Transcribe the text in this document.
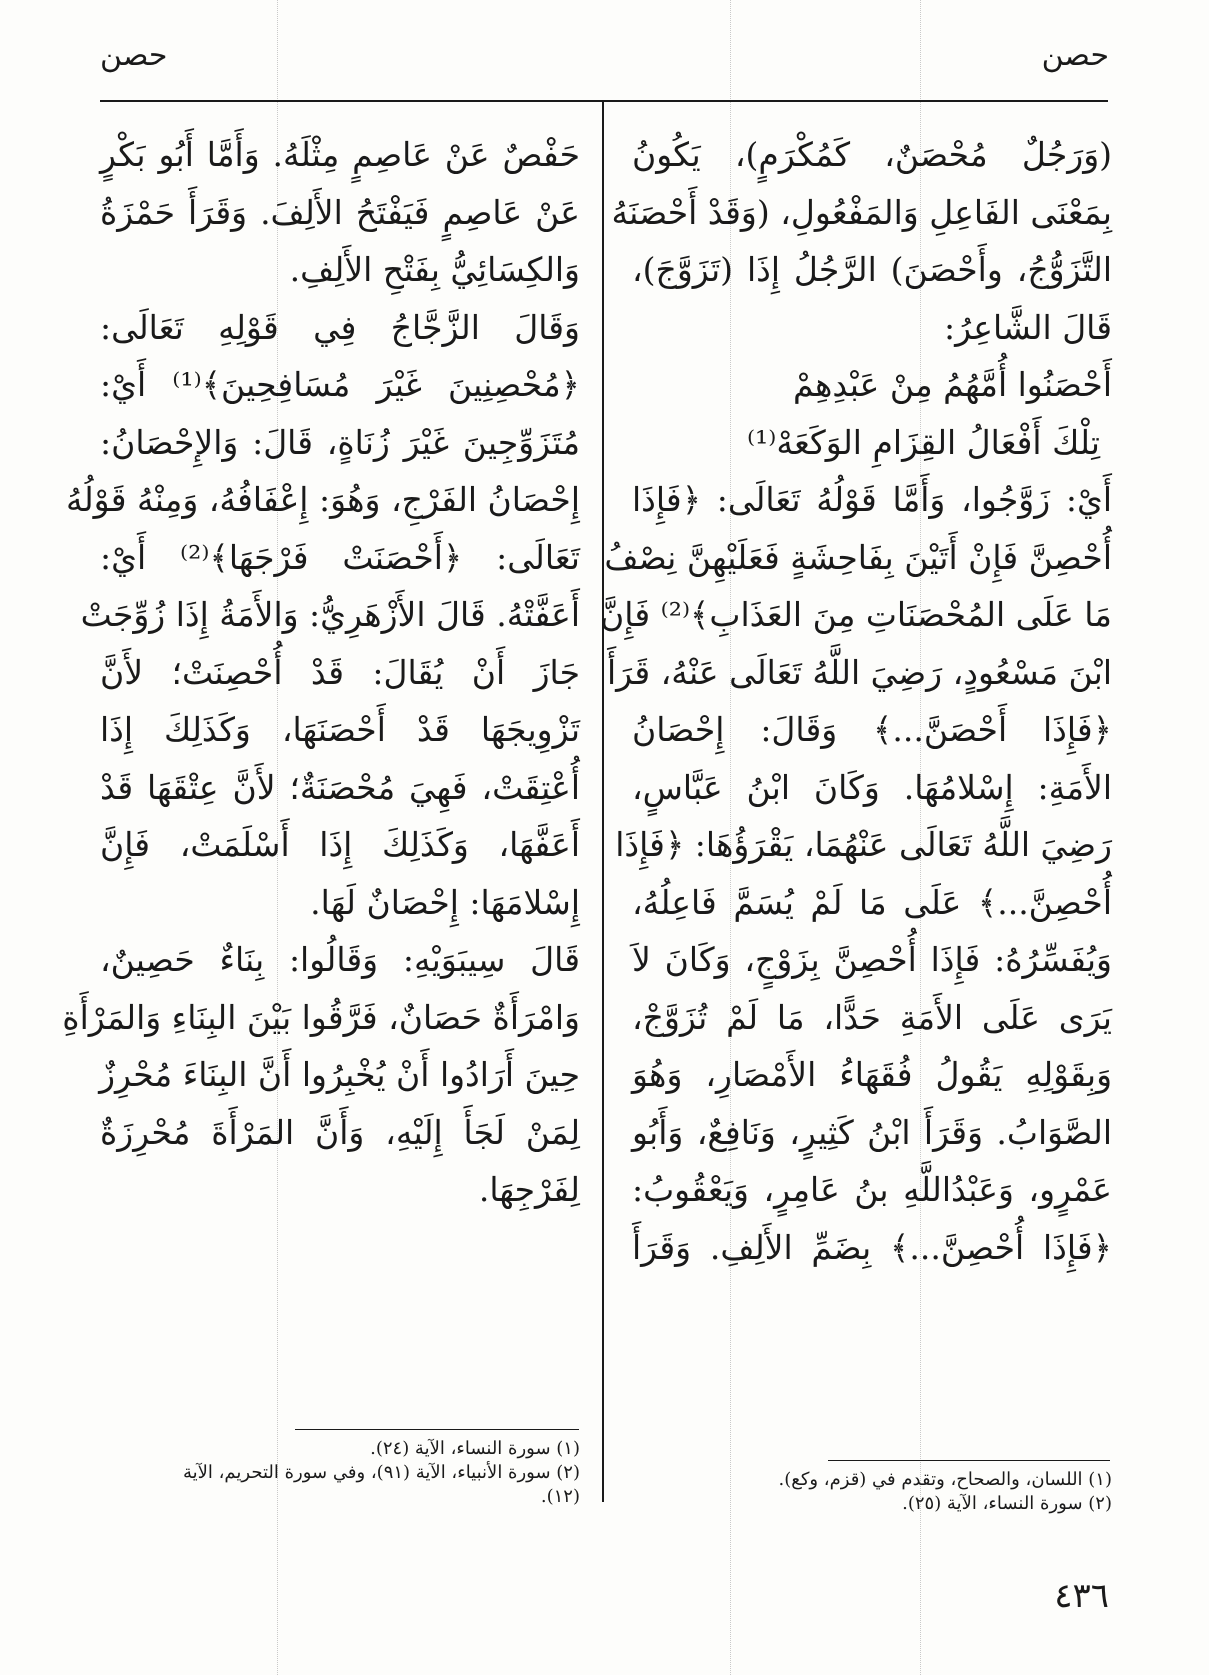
حصن
حصن
(وَرَجُلٌ مُحْصَنٌ، كَمُكْرَمٍ)، يَكُونُ
بِمَعْنَى الفَاعِلِ وَالمَفْعُولِ، (وَقَدْ أَحْصَنَهُ
التَّزَوُّجُ، وأَحْصَنَ) الرَّجُلُ إِذَا (تَزَوَّجَ)،
قَالَ الشَّاعِرُ:
أَحْصَنُوا أُمَّهُمُ مِنْ عَبْدِهِمْ
تِلْكَ أَفْعَالُ القِزَامِ الوَكَعَهْ⁽¹⁾
أَيْ: زَوَّجُوا، وَأَمَّا قَوْلُهُ تَعَالَى: ﴿فَإِذَا
أُحْصِنَّ فَإِنْ أَتَيْنَ بِفَاحِشَةٍ فَعَلَيْهِنَّ نِصْفُ
مَا عَلَى المُحْصَنَاتِ مِنَ العَذَابِ﴾⁽²⁾ فَإِنَّ
ابْنَ مَسْعُودٍ، رَضِيَ اللَّهُ تَعَالَى عَنْهُ، قَرَأَ
﴿فَإِذَا أَحْصَنَّ...﴾ وَقَالَ: إِحْصَانُ
الأَمَةِ: إِسْلامُهَا. وَكَانَ ابْنُ عَبَّاسٍ،
رَضِيَ اللَّهُ تَعَالَى عَنْهُمَا، يَقْرَؤُهَا: ﴿فَإِذَا
أُحْصِنَّ...﴾ عَلَى مَا لَمْ يُسَمَّ فَاعِلُهُ،
وَيُفَسِّرُهُ: فَإِذَا أُحْصِنَّ بِزَوْجٍ، وَكَانَ لاَ
يَرَى عَلَى الأَمَةِ حَدًّا، مَا لَمْ تُزَوَّجْ،
وَبِقَوْلِهِ يَقُولُ فُقَهَاءُ الأَمْصَارِ، وَهُوَ
الصَّوَابُ. وَقَرَأَ ابْنُ كَثِيرٍ، وَنَافِعٌ، وَأَبُو
عَمْرٍو، وَعَبْدُاللَّهِ بنُ عَامِرٍ، وَيَعْقُوبُ:
﴿فَإِذَا أُحْصِنَّ...﴾ بِضَمِّ الأَلِفِ. وَقَرَأَ
حَفْصٌ عَنْ عَاصِمٍ مِثْلَهُ. وَأَمَّا أَبُو بَكْرٍ
عَنْ عَاصِمٍ فَيَفْتَحُ الأَلِفَ. وَقَرَأَ حَمْزَةُ
وَالكِسَائِيُّ بِفَتْحِ الأَلِفِ.
وَقَالَ الزَّجَّاجُ فِي قَوْلِهِ تَعَالَى:
﴿مُحْصِنِينَ غَيْرَ مُسَافِحِينَ﴾⁽¹⁾ أَيْ:
مُتَزَوِّجِينَ غَيْرَ زُنَاةٍ، قَالَ: وَالإِحْصَانُ:
إِحْصَانُ الفَرْجِ، وَهُوَ: إِعْفَافُهُ، وَمِنْهُ قَوْلُهُ
تَعَالَى: ﴿أَحْصَنَتْ فَرْجَهَا﴾⁽²⁾ أَيْ:
أَعَفَّتْهُ. قَالَ الأَزْهَرِيُّ: وَالأَمَةُ إِذَا زُوِّجَتْ
جَازَ أَنْ يُقَالَ: قَدْ أُحْصِنَتْ؛ لأَنَّ
تَزْوِيجَهَا قَدْ أَحْصَنَهَا، وَكَذَلِكَ إِذَا
أُعْتِقَتْ، فَهِيَ مُحْصَنَةٌ؛ لأَنَّ عِتْقَهَا قَدْ
أَعَفَّهَا، وَكَذَلِكَ إِذَا أَسْلَمَتْ، فَإِنَّ
إِسْلامَهَا: إِحْصَانٌ لَهَا.
قَالَ سِيبَوَيْهِ: وَقَالُوا: بِنَاءٌ حَصِينٌ،
وَامْرَأَةٌ حَصَانٌ، فَرَّقُوا بَيْنَ البِنَاءِ وَالمَرْأَةِ
حِينَ أَرَادُوا أَنْ يُخْبِرُوا أَنَّ البِنَاءَ مُحْرِزٌ
لِمَنْ لَجَأَ إِلَيْهِ، وَأَنَّ المَرْأَةَ مُحْرِزَةٌ
لِفَرْجِهَا.
(١) اللسان، والصحاح، وتقدم في (قزم، وكع).
(٢) سورة النساء، الآية (٢٥).
(١) سورة النساء، الآية (٢٤).
(٢) سورة الأنبياء، الآية (٩١)، وفي سورة التحريم، الآية
(١٢).
٤٣٦
